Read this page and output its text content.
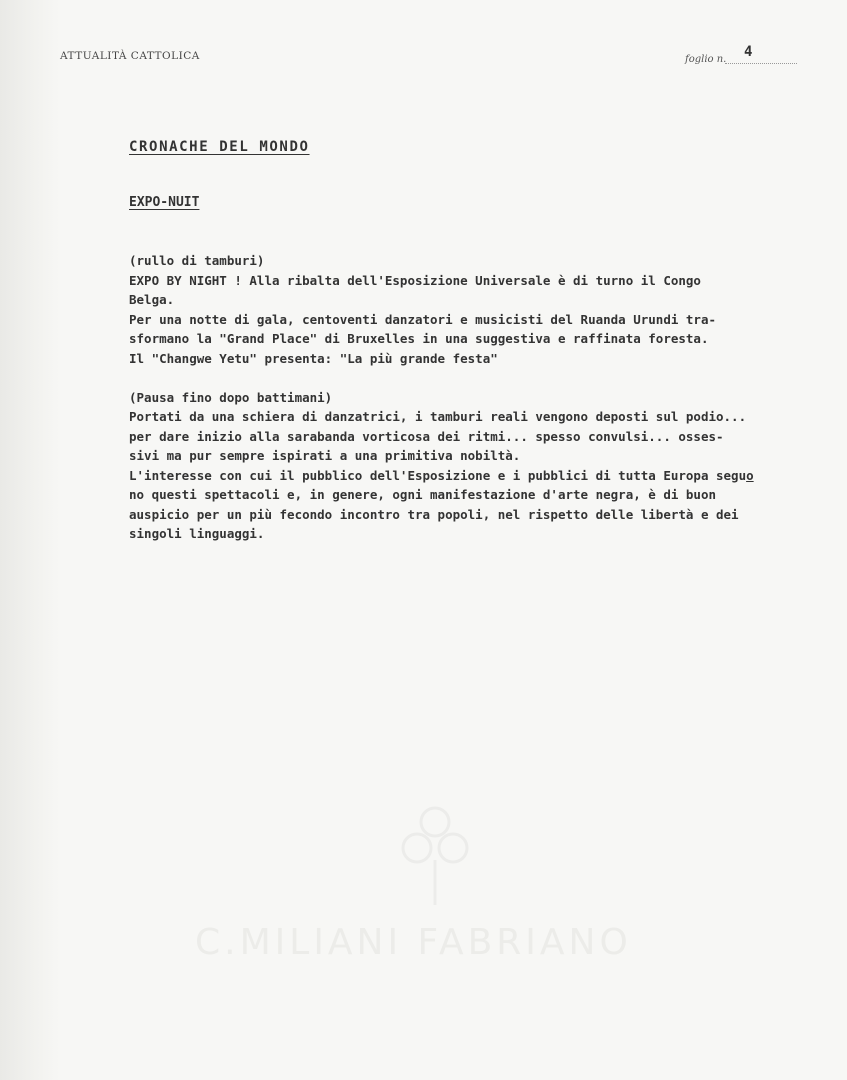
ATTUALITÀ CATTOLICA	foglio n. 4
CRONACHE DEL MONDO
EXPO-NUIT
(rullo di tamburi)
EXPO BY NIGHT ! Alla ribalta dell'Esposizione Universale è di turno il Congo
Belga.
Per una notte di gala, centoventi danzatori e musicisti del Ruanda Urundi tra-
sformano la "Grand Place" di Bruxelles in una suggestiva e raffinata foresta.
Il "Changwe Yetu" presenta: "La più grande festa"
(Pausa fino dopo battimani)
Portati da una schiera di danzatrici, i tamburi reali vengono deposti sul podio...
per dare inizio alla sarabanda vorticosa dei ritmi... spesso convulsi... osses-
sivi ma pur sempre ispirati a una primitiva nobiltà.
L'interesse con cui il pubblico dell'Esposizione e i pubblici di tutta Europa seguo
no questi spettacoli e, in genere, ogni manifestazione d'arte negra, è di buon
auspicio per un più fecondo incontro tra popoli, nel rispetto delle libertà e dei
singoli linguaggi.
C.MILIANI FABRIANO
